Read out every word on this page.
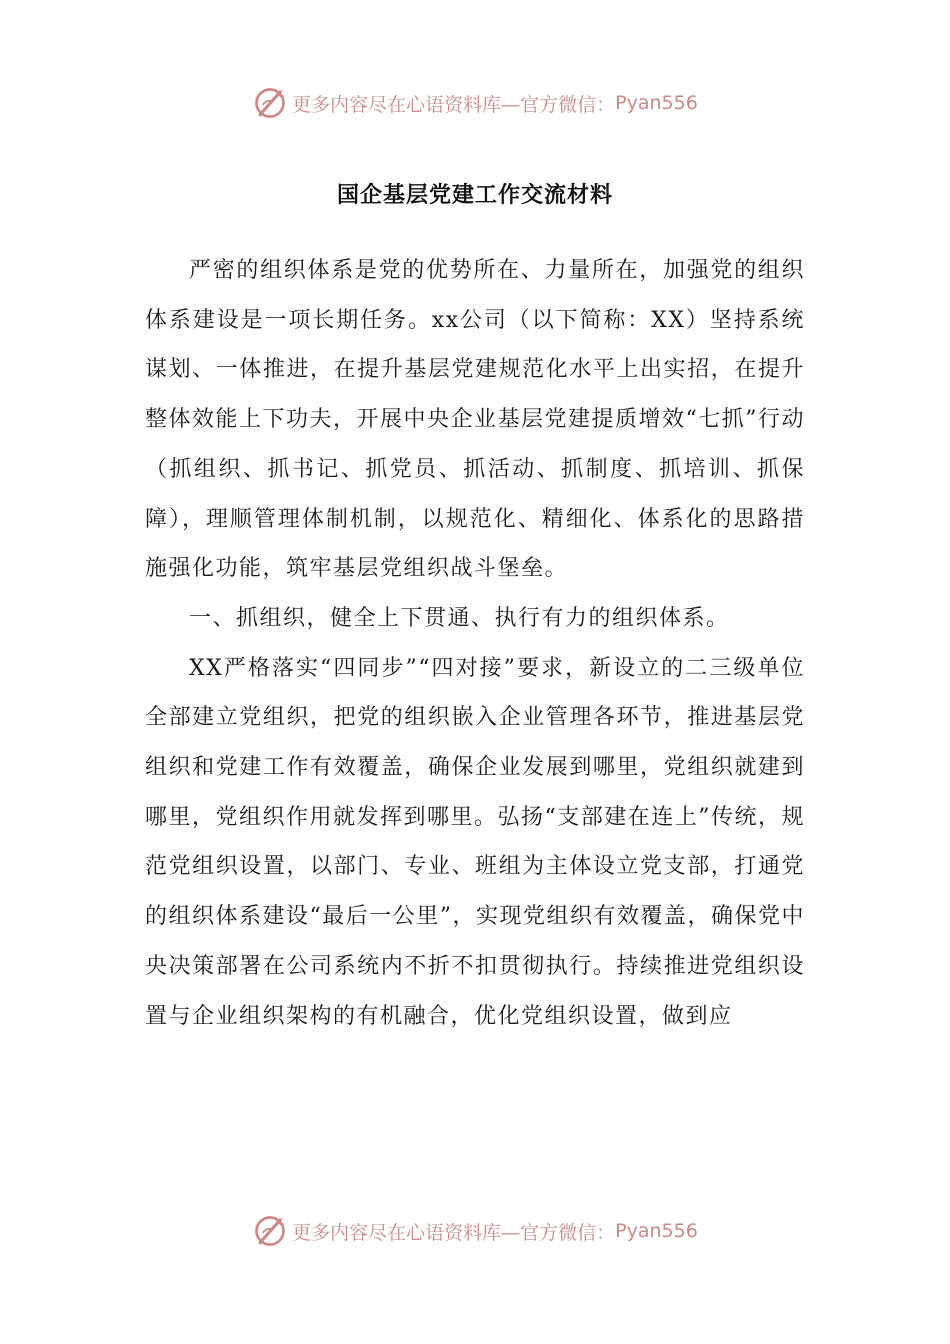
更多内容尽在心语资料库—官方微信： Pyan556
国企基层党建工作交流材料

严密的组织体系是党的优势所在、力量所在，加强党的组织体系建设是一项长期任务。xx公司（以下简称：XX）坚持系统谋划、一体推进，在提升基层党建规范化水平上出实招，在提升整体效能上下功夫，开展中央企业基层党建提质增效“七抓”行动（抓组织、抓书记、抓党员、抓活动、抓制度、抓培训、抓保障），理顺管理体制机制，以规范化、精细化、体系化的思路措施强化功能，筑牢基层党组织战斗堡垒。

一、抓组织，健全上下贯通、执行有力的组织体系。

XX严格落实“四同步”“四对接”要求，新设立的二三级单位全部建立党组织，把党的组织嵌入企业管理各环节，推进基层党组织和党建工作有效覆盖，确保企业发展到哪里，党组织就建到哪里，党组织作用就发挥到哪里。弘扬“支部建在连上”传统，规范党组织设置，以部门、专业、班组为主体设立党支部，打通党的组织体系建设“最后一公里”，实现党组织有效覆盖，确保党中央决策部署在公司系统内不折不扣贯彻执行。持续推进党组织设置与企业组织架构的有机融合，优化党组织设置，做到应

更多内容尽在心语资料库—官方微信： Pyan556
